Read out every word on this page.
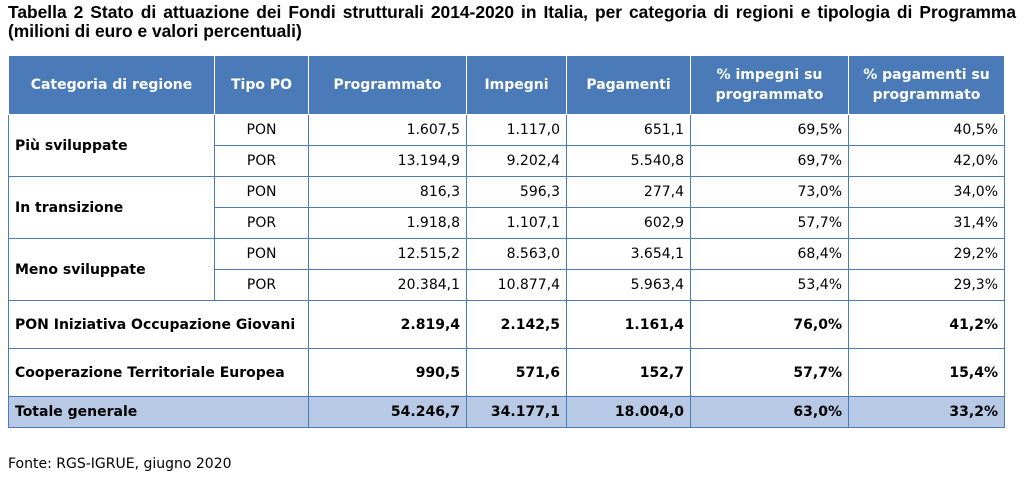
Tabella 2 Stato di attuazione dei Fondi strutturali 2014-2020 in Italia, per categoria di regioni e tipologia di Programma (milioni di euro e valori percentuali)
Categoria di regione	Tipo PO	Programmato	Impegni	Pagamenti	% impegni su programmato	% pagamenti su programmato
Più sviluppate	PON	1.607,5	1.117,0	651,1	69,5%	40,5%
	POR	13.194,9	9.202,4	5.540,8	69,7%	42,0%
In transizione	PON	816,3	596,3	277,4	73,0%	34,0%
	POR	1.918,8	1.107,1	602,9	57,7%	31,4%
Meno sviluppate	PON	12.515,2	8.563,0	3.654,1	68,4%	29,2%
	POR	20.384,1	10.877,4	5.963,4	53,4%	29,3%
PON Iniziativa Occupazione Giovani		2.819,4	2.142,5	1.161,4	76,0%	41,2%
Cooperazione Territoriale Europea		990,5	571,6	152,7	57,7%	15,4%
Totale generale		54.246,7	34.177,1	18.004,0	63,0%	33,2%
Fonte: RGS-IGRUE, giugno 2020
